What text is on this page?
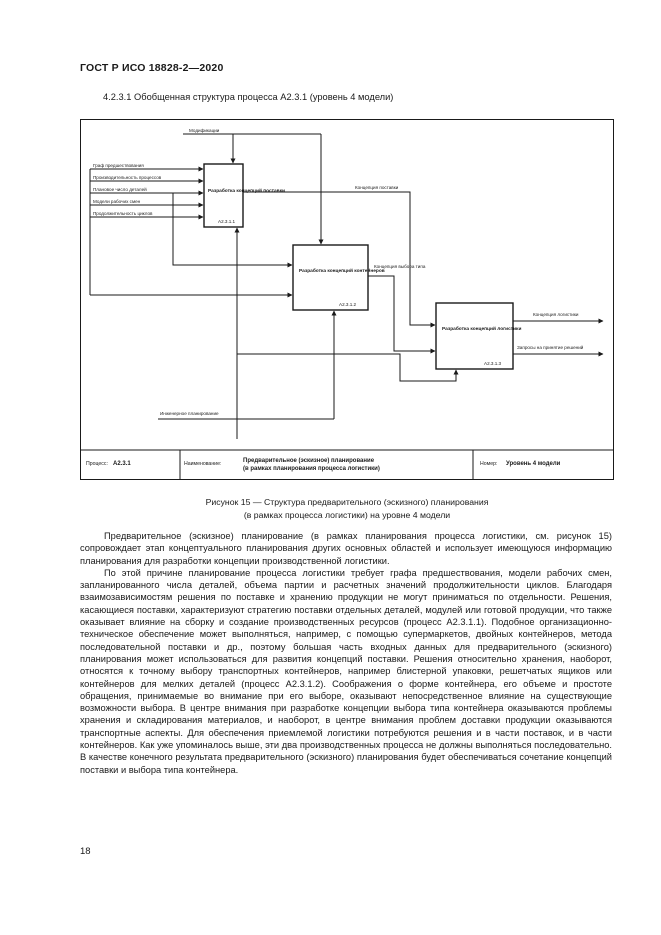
ГОСТ Р ИСО 18828-2—2020
4.2.3.1 Обобщенная структура процесса А2.3.1 (уровень 4 модели)
Разработка концепций поставки
A2.3.1.1
Разработка концепций контейнеров
A2.3.1.2
Разработка концепций логистики
A2.3.1.3
Модификации
Граф предшествования
Производительность процессов
Плановое число деталей
Модели рабочих смен
Продолжительность циклов
Концепция поставки
Концепция выбора типа
Инженерное планирование
Концепция логистики
Запросы на принятие решений
Процесс: A2.3.1	Наименование:	Предварительное (эскизное) планирование
(в рамках планирования процесса логистики)
Номер: Уровень 4 модели
Рисунок 15 — Структура предварительного (эскизного) планирования
(в рамках процесса логистики) на уровне 4 модели

Предварительное (эскизное) планирование (в рамках планирования процесса логистики, см. рисунок 15) сопровождает этап концептуального планирования других основных областей и использует имеющуюся информацию планирования для разработки концепции производственной логистики.

По этой причине планирование процесса логистики требует графа предшествования, модели рабочих смен, запланированного числа деталей, объема партии и расчетных значений продолжительности циклов. Благодаря взаимозависимостям решения по поставке и хранению продукции не могут приниматься по отдельности. Решения, касающиеся поставки, характеризуют стратегию поставки отдельных деталей, модулей или готовой продукции, что также оказывает влияние на сборку и создание производственных ресурсов (процесс А2.3.1.1). Подобное организационно-техническое обеспечение может выполняться, например, с помощью супермаркетов, двойных контейнеров, метода последовательной поставки и др., поэтому большая часть входных данных для предварительного (эскизного) планирования может использоваться для развития концепций поставки. Решения относительно хранения, наоборот, относятся к точному выбору транспортных контейнеров, например блистерной упаковки, решетчатых ящиков или контейнеров для мелких деталей (процесс А2.3.1.2). Соображения о форме контейнера, его объеме и простоте обращения, принимаемые во внимание при его выборе, оказывают непосредственное влияние на существующие возможности выбора. В центре внимания при разработке концепции выбора типа контейнера оказываются проблемы хранения и складирования материалов, и наоборот, в центре внимания проблем доставки продукции оказываются транспортные аспекты. Для обеспечения приемлемой логистики потребуются решения и в части поставок, и в части контейнеров. Как уже упоминалось выше, эти два производственных процесса не должны выполняться последовательно. В качестве конечного результата предварительного (эскизного) планирования будет обеспечиваться сочетание концепций поставки и выбора типа контейнера.

18
